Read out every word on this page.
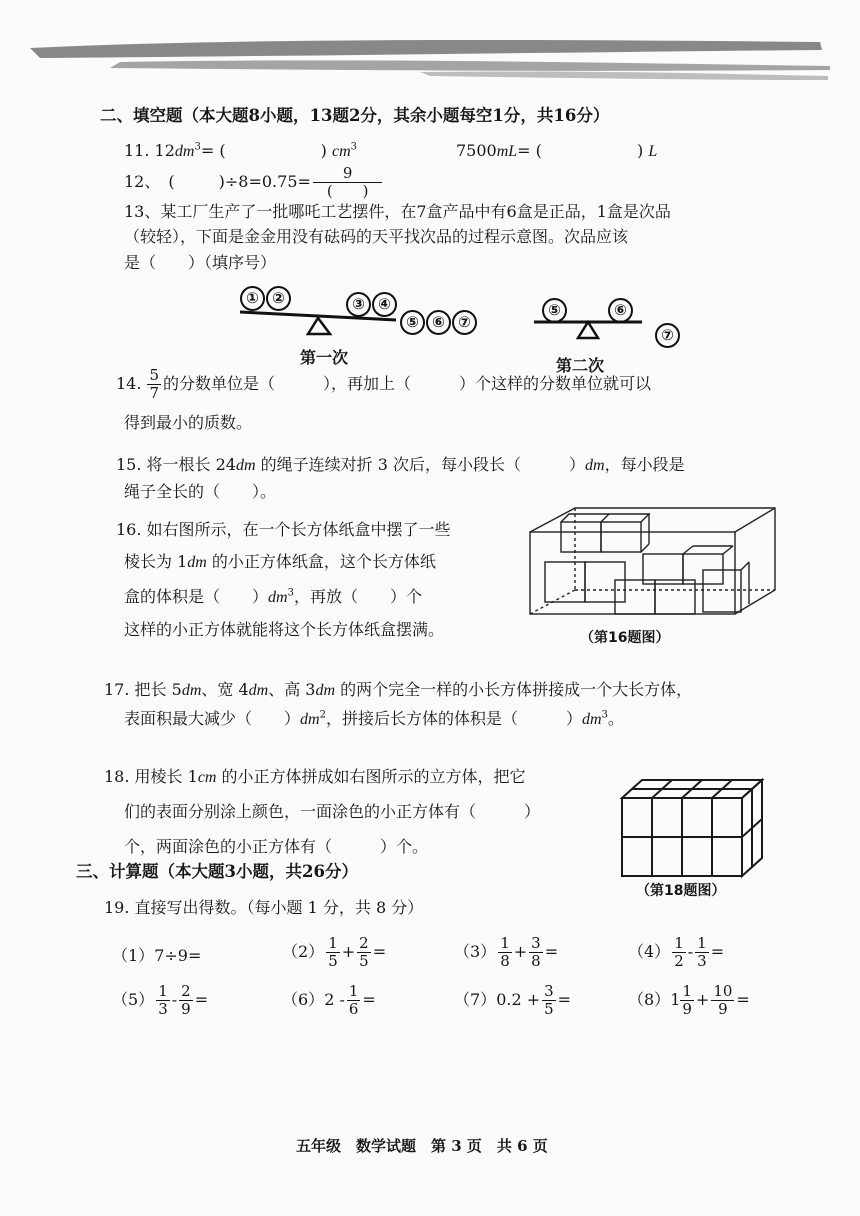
二、填空题（本大题8小题，13题2分，其余小题每空1分，共16分）
11. $12dm^3=$ (	) $cm^3$	7500mL= (	) L
12、 (	) $\div 8=0.75= \frac{9}{( )}$
13、某工厂生产了一批哪吒工艺摆件，在7盒产品中有6盒是正品，1盒是次品
（较轻），下面是金金用没有砝码的天平找次品的过程示意图。次品应该
是（　　）（填序号）
① ②	③ ④
⑤ ⑥ ⑦
第一次
⑤	⑥
⑦
第二次
14. $\frac{5}{7}$ 的分数单位是（　　　），再加上（　　　）个这样的分数单位就可以
得到最小的质数。
15. 将一根长 24dm 的绳子连续对折 3 次后，每小段长（　　　）dm，每小段是
绳子全长的（　　）。
16. 如右图所示，在一个长方体纸盒中摆了一些
棱长为 1dm 的小正方体纸盒，这个长方体纸
盒的体积是（　　）$dm^3$，再放（　　）个
这样的小正方体就能将这个长方体纸盒摆满。	（第16题图）
17. 把长 5dm、宽 4dm、高 3dm 的两个完全一样的小长方体拼接成一个大长方体，
表面积最大减少（　　）$dm^2$，拼接后长方体的体积是（　　　）$dm^3$。
18. 用棱长 1cm 的小正方体拼成如右图所示的立方体，把它
们的表面分别涂上颜色，一面涂色的小正方体有（　　　）
个，两面涂色的小正方体有（　　　）个。
（第18题图）
三、计算题（本大题3小题，共26分）
19. 直接写出得数。（每小题 1 分，共 8 分）
（1） 7÷9=	$(2) \frac{1}{5} + \frac{2}{5}$ =	$(3) \frac{1}{8} + \frac{3}{8}$ =	$(4) \frac{1}{2} - \frac{1}{3}$ =
$(5) \frac{1}{3} - \frac{2}{9}$ =	（6） $2 - \frac{1}{6}$ =	（7） $0.2 + \frac{3}{5}$ =	（8） $1 \frac{1}{9} + \frac{10}{9}$ =
五年级　数学试题　第 3 页　共 6 页
